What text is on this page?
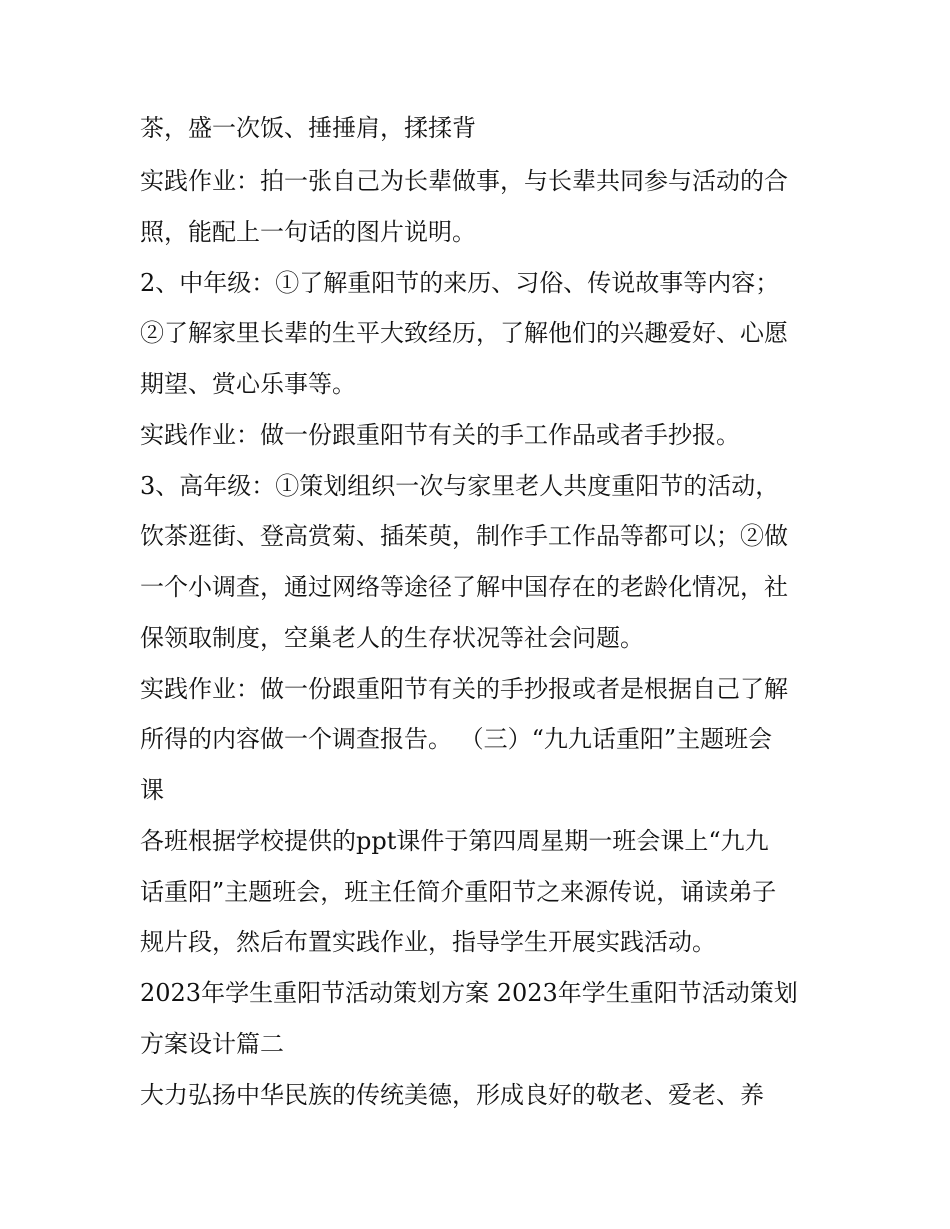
茶，盛一次饭、捶捶肩，揉揉背

实践作业：拍一张自己为长辈做事，与长辈共同参与活动的合

照，能配上一句话的图片说明。

2、中年级：①了解重阳节的来历、习俗、传说故事等内容；

②了解家里长辈的生平大致经历，了解他们的兴趣爱好、心愿

期望、赏心乐事等。

实践作业：做一份跟重阳节有关的手工作品或者手抄报。

3、高年级：①策划组织一次与家里老人共度重阳节的活动，

饮茶逛街、登高赏菊、插茱萸，制作手工作品等都可以；②做

一个小调查，通过网络等途径了解中国存在的老龄化情况，社

保领取制度，空巢老人的生存状况等社会问题。

实践作业：做一份跟重阳节有关的手抄报或者是根据自己了解

所得的内容做一个调查报告。 （三）“九九话重阳”主题班会

课

各班根据学校提供的ppt课件于第四周星期一班会课上“九九

话重阳”主题班会，班主任简介重阳节之来源传说，诵读弟子

规片段，然后布置实践作业，指导学生开展实践活动。

2023年学生重阳节活动策划方案 2023年学生重阳节活动策划

方案设计篇二

大力弘扬中华民族的传统美德，形成良好的敬老、爱老、养
